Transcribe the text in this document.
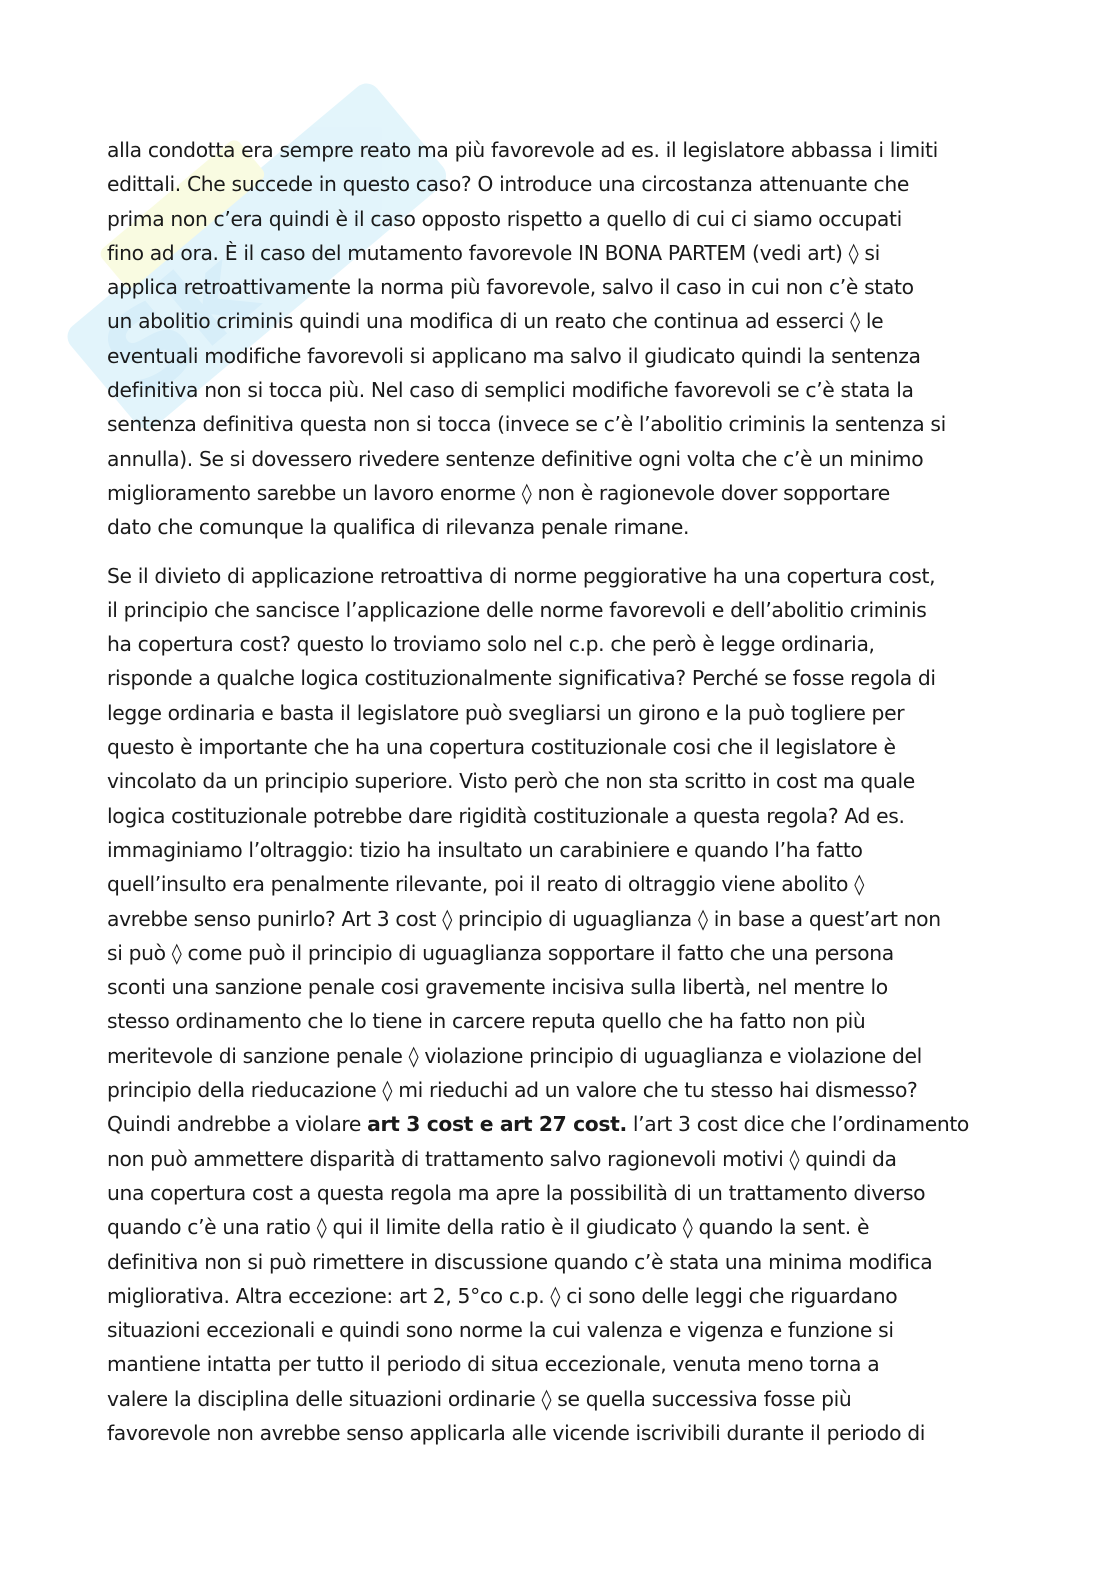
Sk
alla condotta era sempre reato ma più favorevole ad es. il legislatore abbassa i limiti
edittali. Che succede in questo caso? O introduce una circostanza attenuante che
prima non c’era quindi è il caso opposto rispetto a quello di cui ci siamo occupati
fino ad ora. È il caso del mutamento favorevole IN BONA PARTEM (vedi art) ◊ si
applica retroattivamente la norma più favorevole, salvo il caso in cui non c’è stato
un abolitio criminis quindi una modifica di un reato che continua ad esserci ◊ le
eventuali modifiche favorevoli si applicano ma salvo il giudicato quindi la sentenza
definitiva non si tocca più. Nel caso di semplici modifiche favorevoli se c’è stata la
sentenza definitiva questa non si tocca (invece se c’è l’abolitio criminis la sentenza si
annulla). Se si dovessero rivedere sentenze definitive ogni volta che c’è un minimo
miglioramento sarebbe un lavoro enorme ◊ non è ragionevole dover sopportare
dato che comunque la qualifica di rilevanza penale rimane.
Se il divieto di applicazione retroattiva di norme peggiorative ha una copertura cost,
il principio che sancisce l’applicazione delle norme favorevoli e dell’abolitio criminis
ha copertura cost? questo lo troviamo solo nel c.p. che però è legge ordinaria,
risponde a qualche logica costituzionalmente significativa? Perché se fosse regola di
legge ordinaria e basta il legislatore può svegliarsi un girono e la può togliere per
questo è importante che ha una copertura costituzionale cosi che il legislatore è
vincolato da un principio superiore. Visto però che non sta scritto in cost ma quale
logica costituzionale potrebbe dare rigidità costituzionale a questa regola? Ad es.
immaginiamo l’oltraggio: tizio ha insultato un carabiniere e quando l’ha fatto
quell’insulto era penalmente rilevante, poi il reato di oltraggio viene abolito ◊
avrebbe senso punirlo? Art 3 cost ◊ principio di uguaglianza ◊ in base a quest’art non
si può ◊ come può il principio di uguaglianza sopportare il fatto che una persona
sconti una sanzione penale cosi gravemente incisiva sulla libertà, nel mentre lo
stesso ordinamento che lo tiene in carcere reputa quello che ha fatto non più
meritevole di sanzione penale ◊ violazione principio di uguaglianza e violazione del
principio della rieducazione ◊ mi rieduchi ad un valore che tu stesso hai dismesso?
Quindi andrebbe a violare art 3 cost e art 27 cost. l’art 3 cost dice che l’ordinamento
non può ammettere disparità di trattamento salvo ragionevoli motivi ◊ quindi da
una copertura cost a questa regola ma apre la possibilità di un trattamento diverso
quando c’è una ratio ◊ qui il limite della ratio è il giudicato ◊ quando la sent. è
definitiva non si può rimettere in discussione quando c’è stata una minima modifica
migliorativa. Altra eccezione: art 2, 5°co c.p. ◊ ci sono delle leggi che riguardano
situazioni eccezionali e quindi sono norme la cui valenza e vigenza e funzione si
mantiene intatta per tutto il periodo di situa eccezionale, venuta meno torna a
valere la disciplina delle situazioni ordinarie ◊ se quella successiva fosse più
favorevole non avrebbe senso applicarla alle vicende iscrivibili durante il periodo di
